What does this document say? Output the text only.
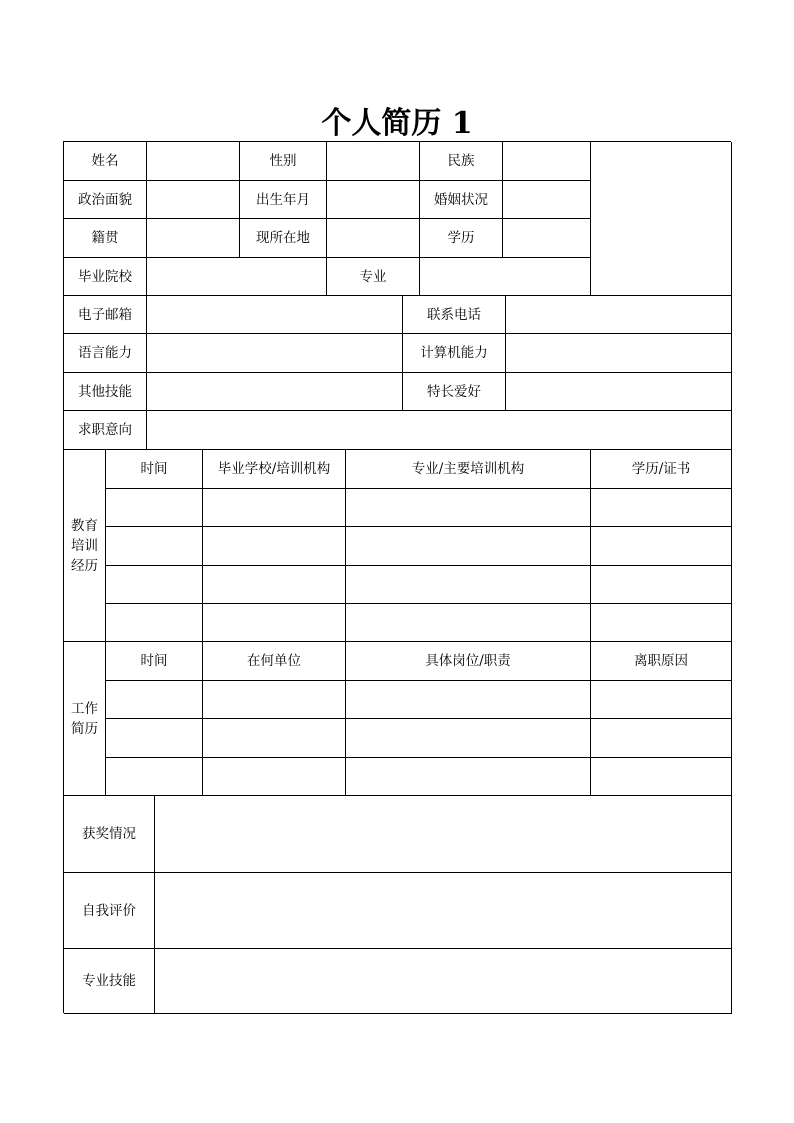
个人简历 1
姓名	性别	民族
政治面貌	出生年月	婚姻状况
籍贯	现所在地	学历
毕业院校	专业
电子邮箱	联系电话
语言能力	计算机能力
其他技能	特长爱好
求职意向
教育
培训
经历
时间	毕业学校/培训机构	专业/主要培训机构	学历/证书
工作
简历
时间	在何单位	具体岗位/职责	离职原因
获奖情况
自我评价
专业技能
